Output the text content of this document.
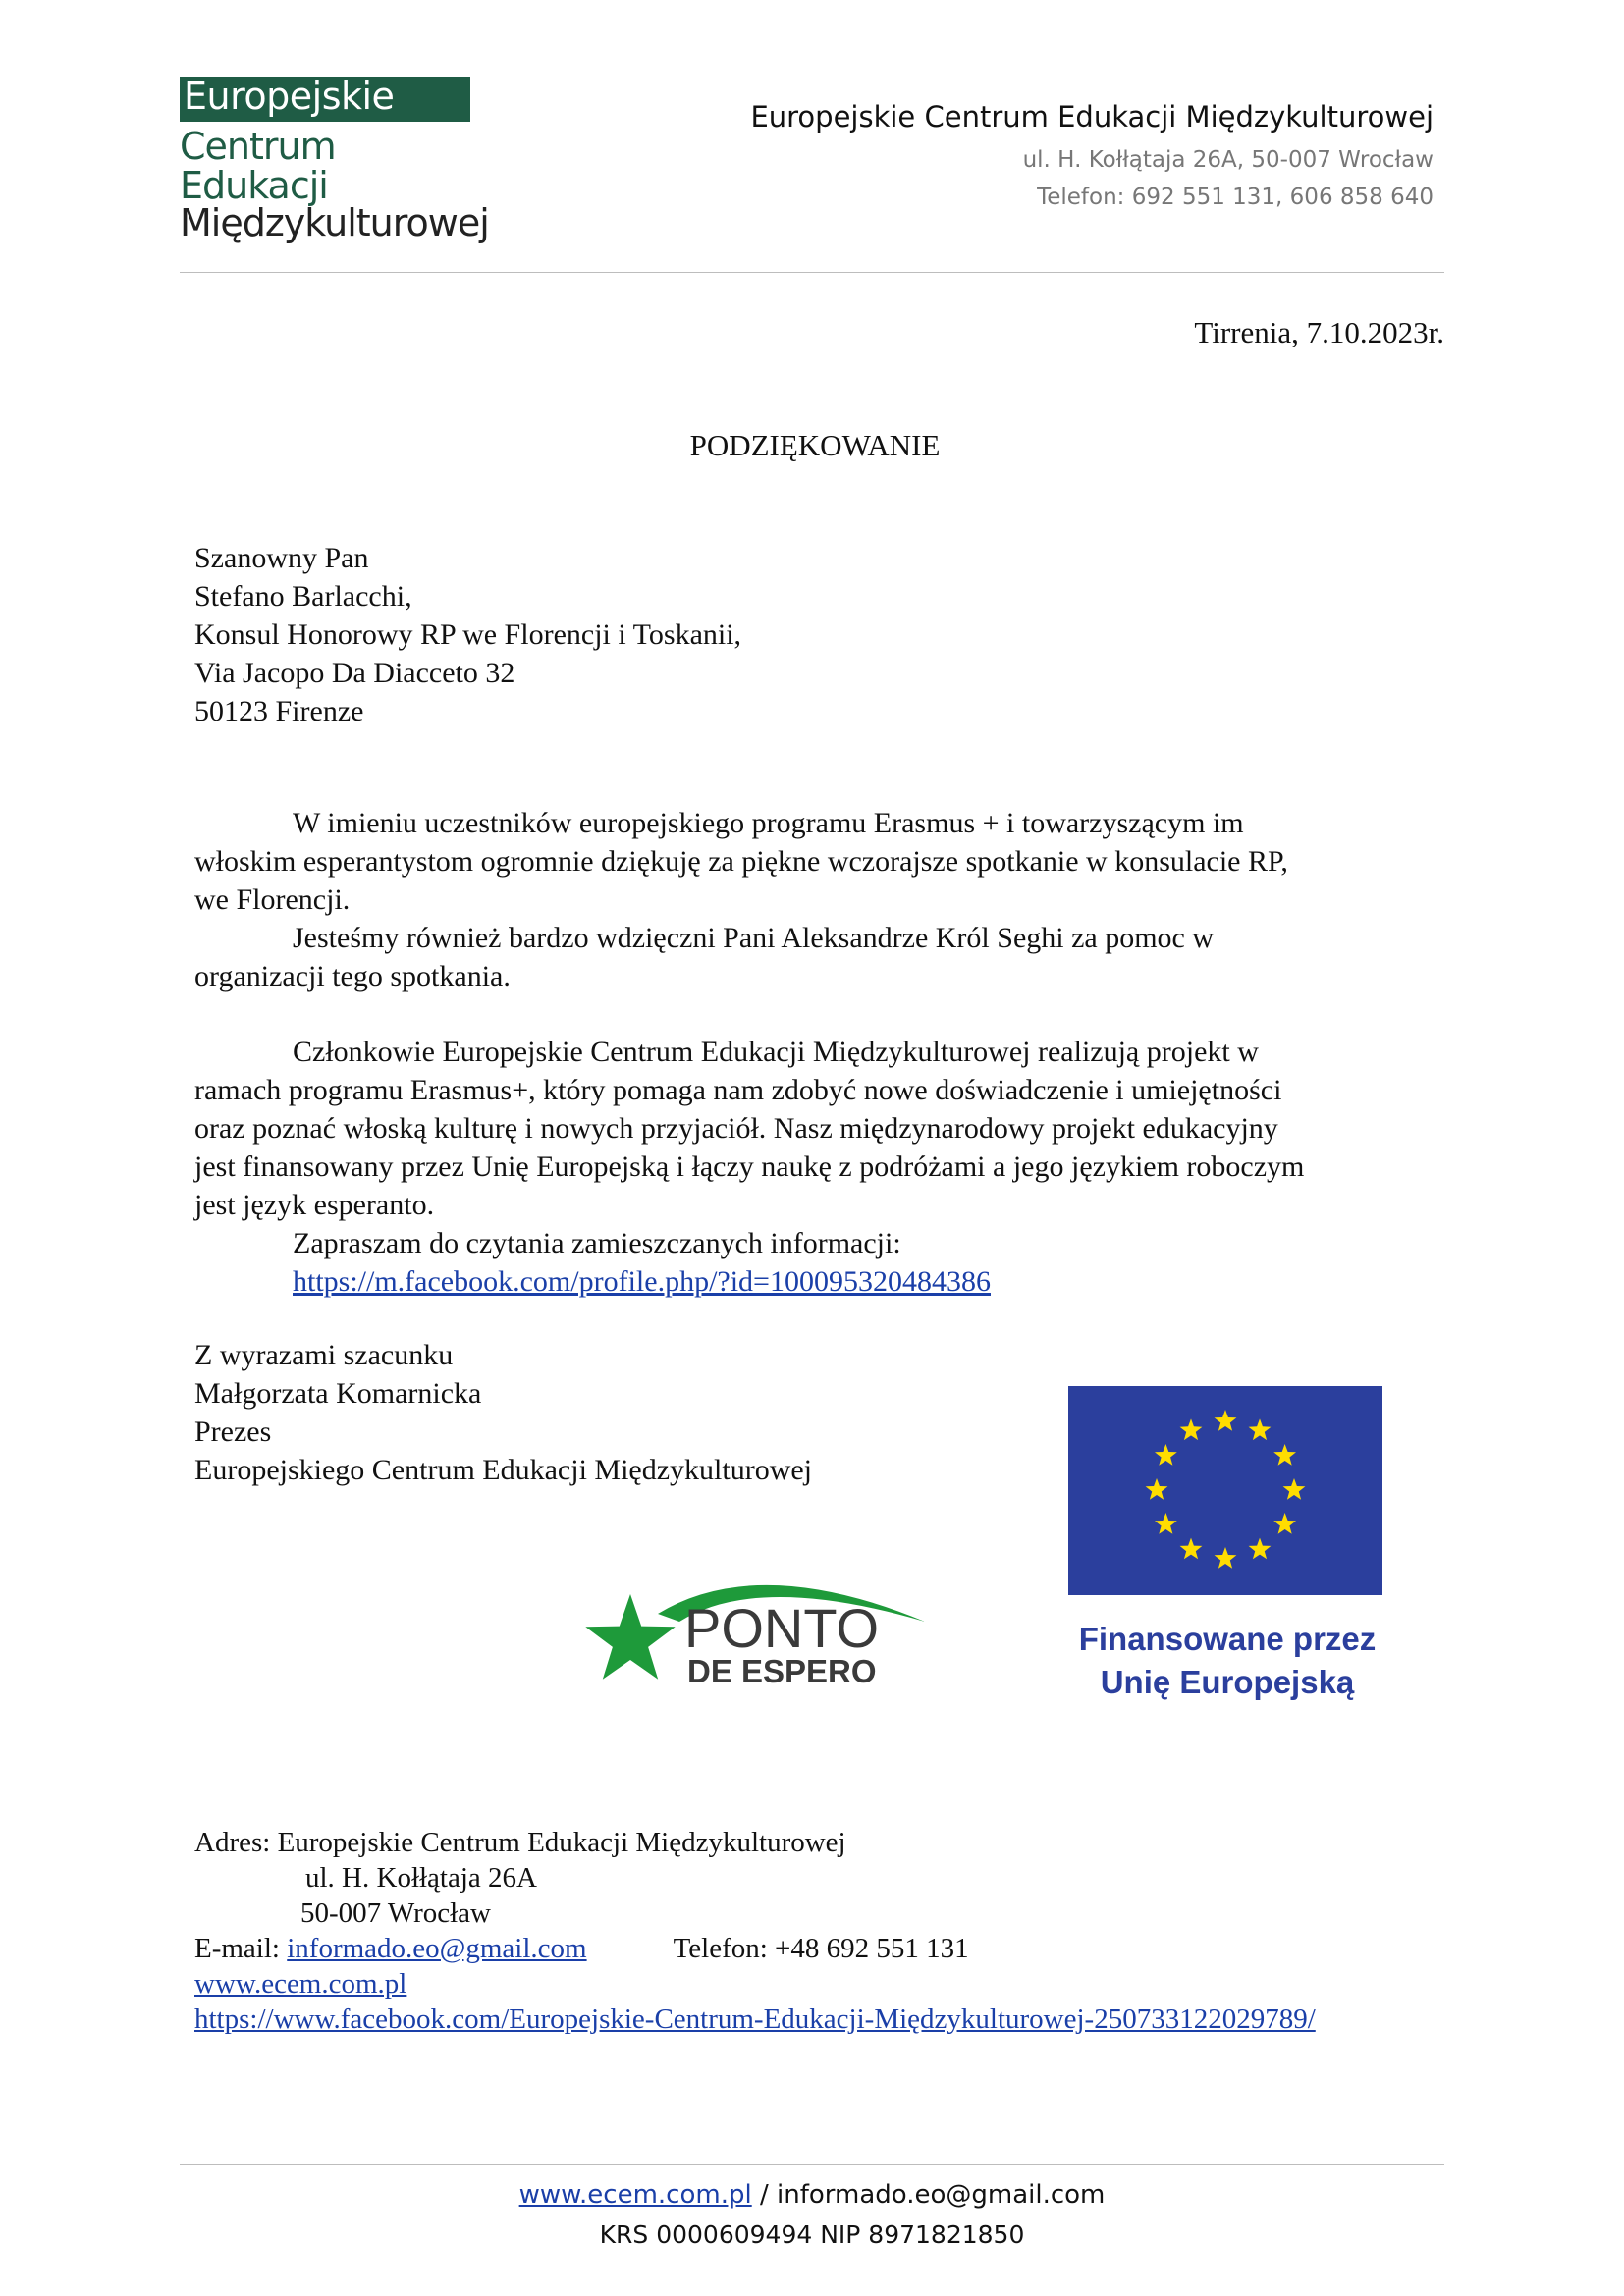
Europejskie
Centrum
Edukacji
Międzykulturowej
Europejskie Centrum Edukacji Międzykulturowej
ul. H. Kołłątaja 26A, 50-007 Wrocław
Telefon: 692 551 131, 606 858 640
Tirrenia, 7.10.2023r.
PODZIĘKOWANIE
Szanowny Pan
Stefano Barlacchi,
Konsul Honorowy RP we Florencji i Toskanii,
Via Jacopo Da Diacceto 32
50123 Firenze
W imieniu uczestników europejskiego programu Erasmus + i towarzyszącym im
włoskim esperantystom ogromnie dziękuję za piękne wczorajsze spotkanie w konsulacie RP,
we Florencji.
Jesteśmy również bardzo wdzięczni Pani Aleksandrze Król Seghi za pomoc w
organizacji tego spotkania.
Członkowie Europejskie Centrum Edukacji Międzykulturowej realizują projekt w
ramach programu Erasmus+, który pomaga nam zdobyć nowe doświadczenie i umiejętności
oraz poznać włoską kulturę i nowych przyjaciół. Nasz międzynarodowy projekt edukacyjny
jest finansowany przez Unię Europejską i łączy naukę z podróżami a jego językiem roboczym
jest język esperanto.
Zapraszam do czytania zamieszczanych informacji:
https://m.facebook.com/profile.php/?id=100095320484386
Z wyrazami szacunku
Małgorzata Komarnicka
Prezes
Europejskiego Centrum Edukacji Międzykulturowej
Finansowane przez
Unię Europejską
PONTO
DE ESPERO
Adres: Europejskie Centrum Edukacji Międzykulturowej
ul. H. Kołłątaja 26A
50-007 Wrocław
E-mail: informado.eo@gmail.com	Telefon: +48 692 551 131
www.ecem.com.pl
https://www.facebook.com/Europejskie-Centrum-Edukacji-Międzykulturowej-250733122029789/
www.ecem.com.pl / informado.eo@gmail.com
KRS 0000609494 NIP 8971821850
